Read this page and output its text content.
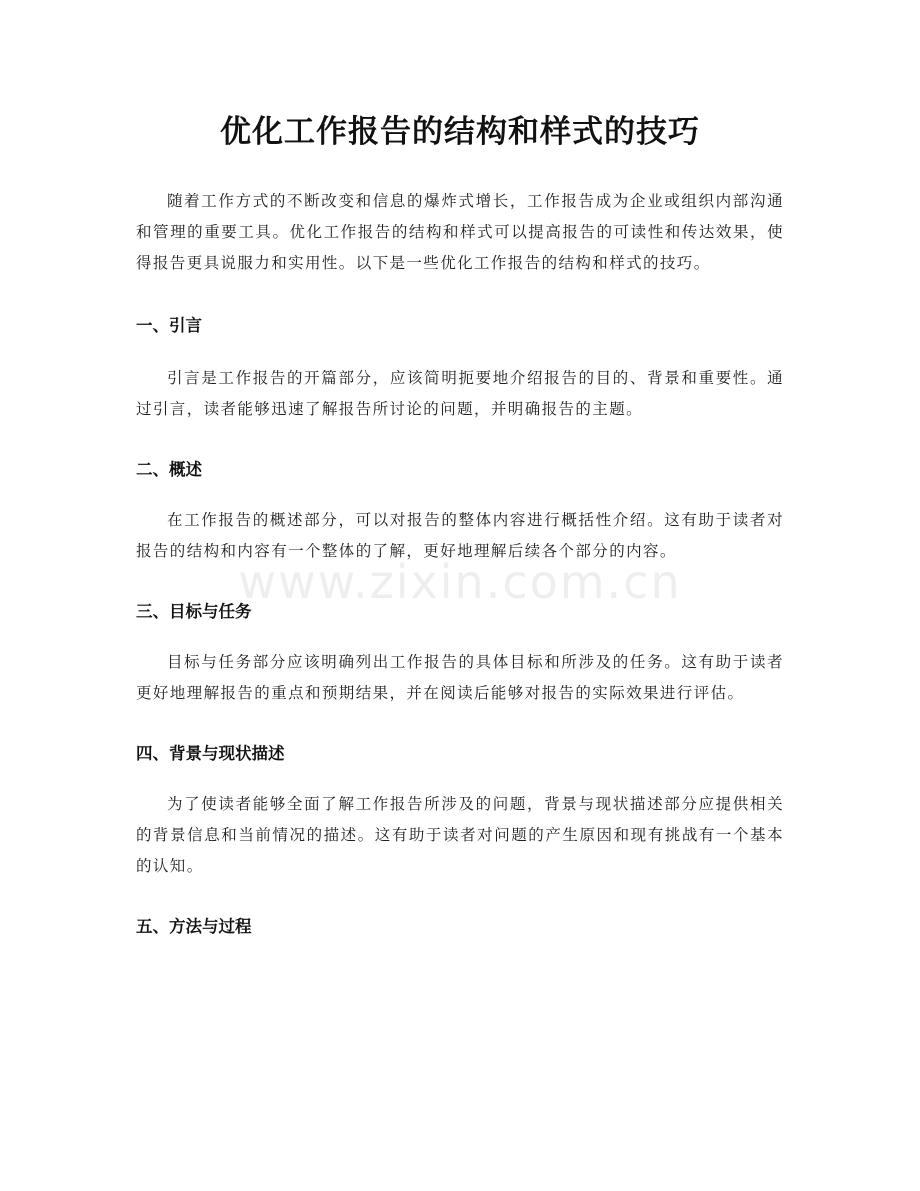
优化工作报告的结构和样式的技巧

随着工作方式的不断改变和信息的爆炸式增长，工作报告成为企业或组织内部沟通和管理的重要工具。优化工作报告的结构和样式可以提高报告的可读性和传达效果，使得报告更具说服力和实用性。以下是一些优化工作报告的结构和样式的技巧。

一、引言

引言是工作报告的开篇部分，应该简明扼要地介绍报告的目的、背景和重要性。通过引言，读者能够迅速了解报告所讨论的问题，并明确报告的主题。

二、概述

在工作报告的概述部分，可以对报告的整体内容进行概括性介绍。这有助于读者对报告的结构和内容有一个整体的了解，更好地理解后续各个部分的内容。

三、目标与任务

目标与任务部分应该明确列出工作报告的具体目标和所涉及的任务。这有助于读者更好地理解报告的重点和预期结果，并在阅读后能够对报告的实际效果进行评估。

四、背景与现状描述

为了使读者能够全面了解工作报告所涉及的问题，背景与现状描述部分应提供相关的背景信息和当前情况的描述。这有助于读者对问题的产生原因和现有挑战有一个基本的认知。

五、方法与过程
www.zixin.com.cn
